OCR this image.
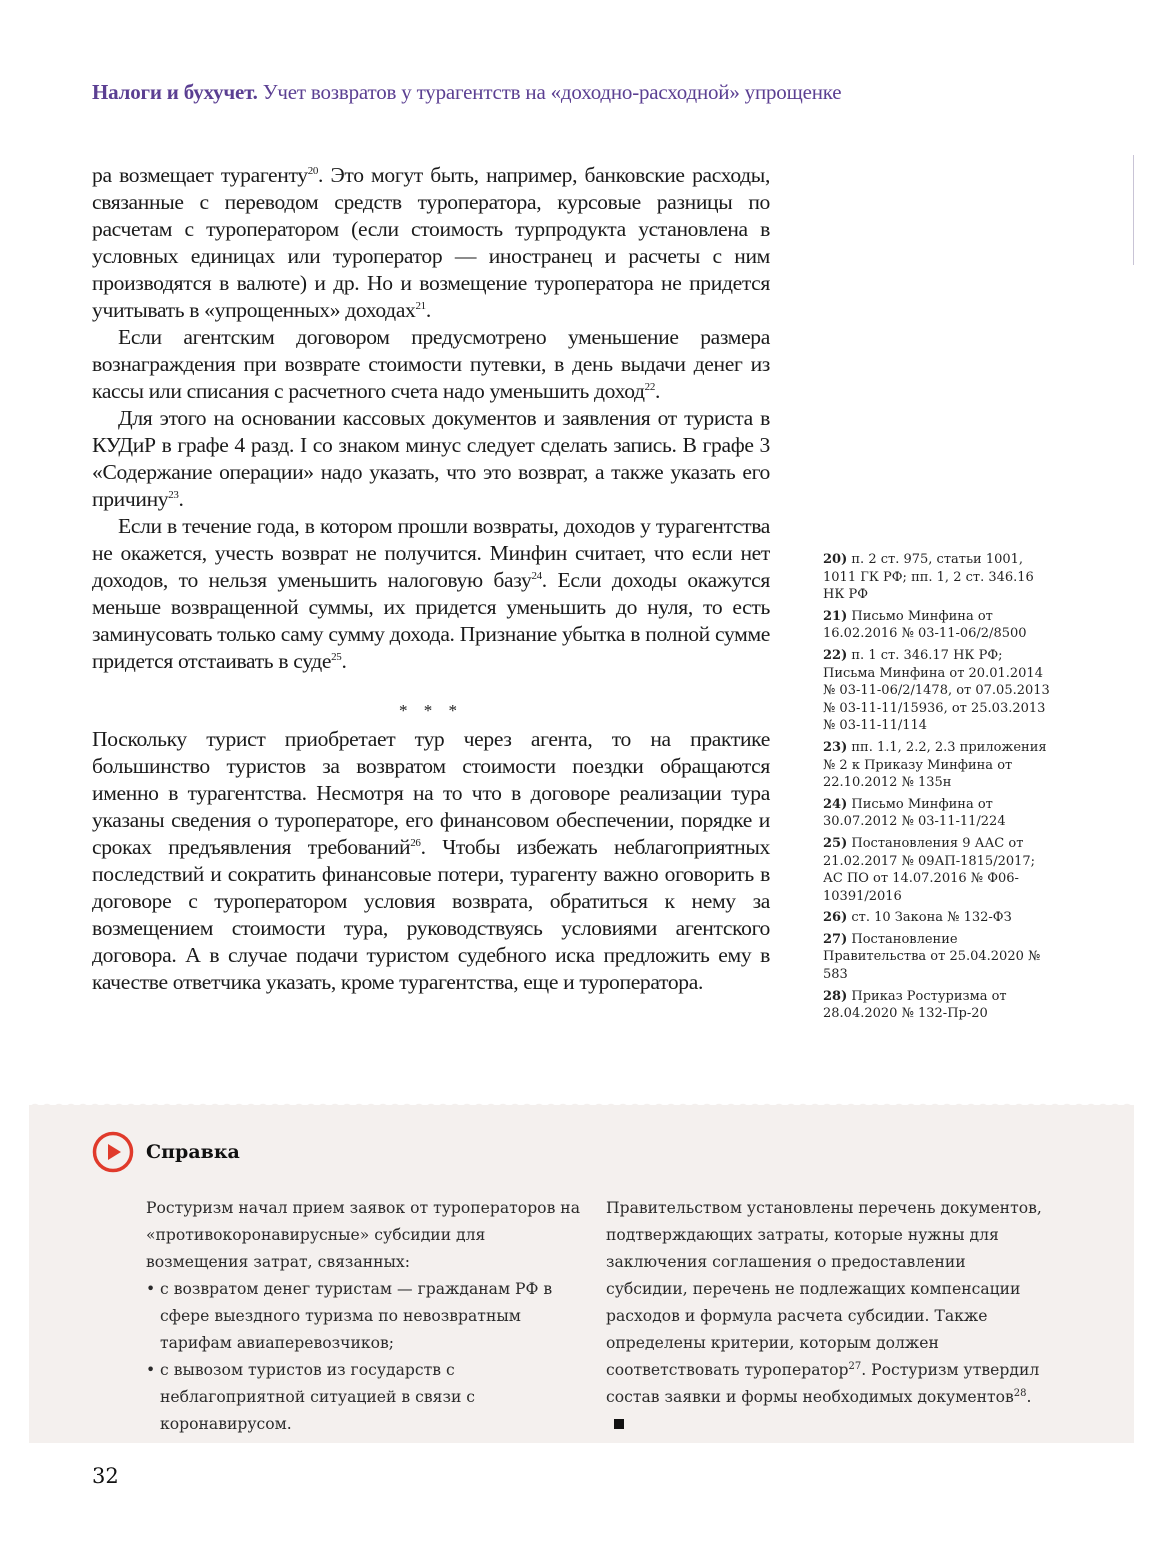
Налоги и бухучет. Учет возвратов у турагентств на «доходно-расходной» упрощенке

ра возмещает турагенту$^{20}$. Это могут быть, например, банковские расходы, связанные с переводом средств туроператора, курсовые разницы по расчетам с туроператором (если стоимость турпродукта установлена в условных единицах или туроператор — иностранец и расчеты с ним производятся в валюте) и др. Но и возмещение туроператора не придется учитывать в «упрощенных» доходах$^{21}$.

Если агентским договором предусмотрено уменьшение размера вознаграждения при возврате стоимости путевки, в день выдачи денег из кассы или списания с расчетного счета надо уменьшить доход$^{22}$.

Для этого на основании кассовых документов и заявления от туриста в КУДиР в графе 4 разд. I со знаком минус следует сделать запись. В графе 3 «Содержание операции» надо указать, что это возврат, а также указать его причину$^{23}$.

Если в течение года, в котором прошли возвраты, доходов у турагентства не окажется, учесть возврат не получится. Минфин считает, что если нет доходов, то нельзя уменьшить налоговую базу$^{24}$. Если доходы окажутся меньше возвращенной суммы, их придется уменьшить до нуля, то есть заминусовать только саму сумму дохода. Признание убытка в полной сумме придется отстаивать в суде$^{25}$.

* * *

Поскольку турист приобретает тур через агента, то на практике большинство туристов за возвратом стоимости поездки обращаются именно в турагентства. Несмотря на то что в договоре реализации тура указаны сведения о туроператоре, его финансовом обеспечении, порядке и сроках предъявления требований$^{26}$. Чтобы избежать неблагоприятных последствий и сократить финансовые потери, турагенту важно оговорить в договоре с туроператором условия возврата, обратиться к нему за возмещением стоимости тура, руководствуясь условиями агентского договора. А в случае подачи туристом судебного иска предложить ему в качестве ответчика указать, кроме турагентства, еще и туроператора.

20) п. 2 ст. 975, статьи 1001, 1011 ГК РФ; пп. 1, 2 ст. 346.16 НК РФ
21) Письмо Минфина от 16.02.2016 № 03-11-06/2/8500
22) п. 1 ст. 346.17 НК РФ; Письма Минфина от 20.01.2014 № 03-11-06/2/1478, от 07.05.2013 № 03-11-11/15936, от 25.03.2013 № 03-11-11/114
23) пп. 1.1, 2.2, 2.3 приложения № 2 к Приказу Минфина от 22.10.2012 № 135н
24) Письмо Минфина от 30.07.2012 № 03-11-11/224
25) Постановления 9 ААС от 21.02.2017 № 09АП-1815/2017; АС ПО от 14.07.2016 № Ф06-10391/2016
26) ст. 10 Закона № 132-ФЗ
27) Постановление Правительства от 25.04.2020 № 583
28) Приказ Ростуризма от 28.04.2020 № 132-Пр-20
Справка

Ростуризм начал прием заявок от туроператоров на «противокоронавирусные» субсидии для возмещения затрат, связанных:

• с возвратом денег туристам — гражданам РФ в сфере выездного туризма по невозвратным тарифам авиаперевозчиков;
• с вывозом туристов из государств с неблагоприятной ситуацией в связи с коронавирусом.

Правительством установлены перечень документов, подтверждающих затраты, которые нужны для заключения соглашения о предоставлении субсидии, перечень не подлежащих компенсации расходов и формула расчета субсидии. Также определены критерии, которым должен соответствовать туроператор$^{27}$. Ростуризм утвердил состав заявки и формы необходимых документов$^{28}$.

32
